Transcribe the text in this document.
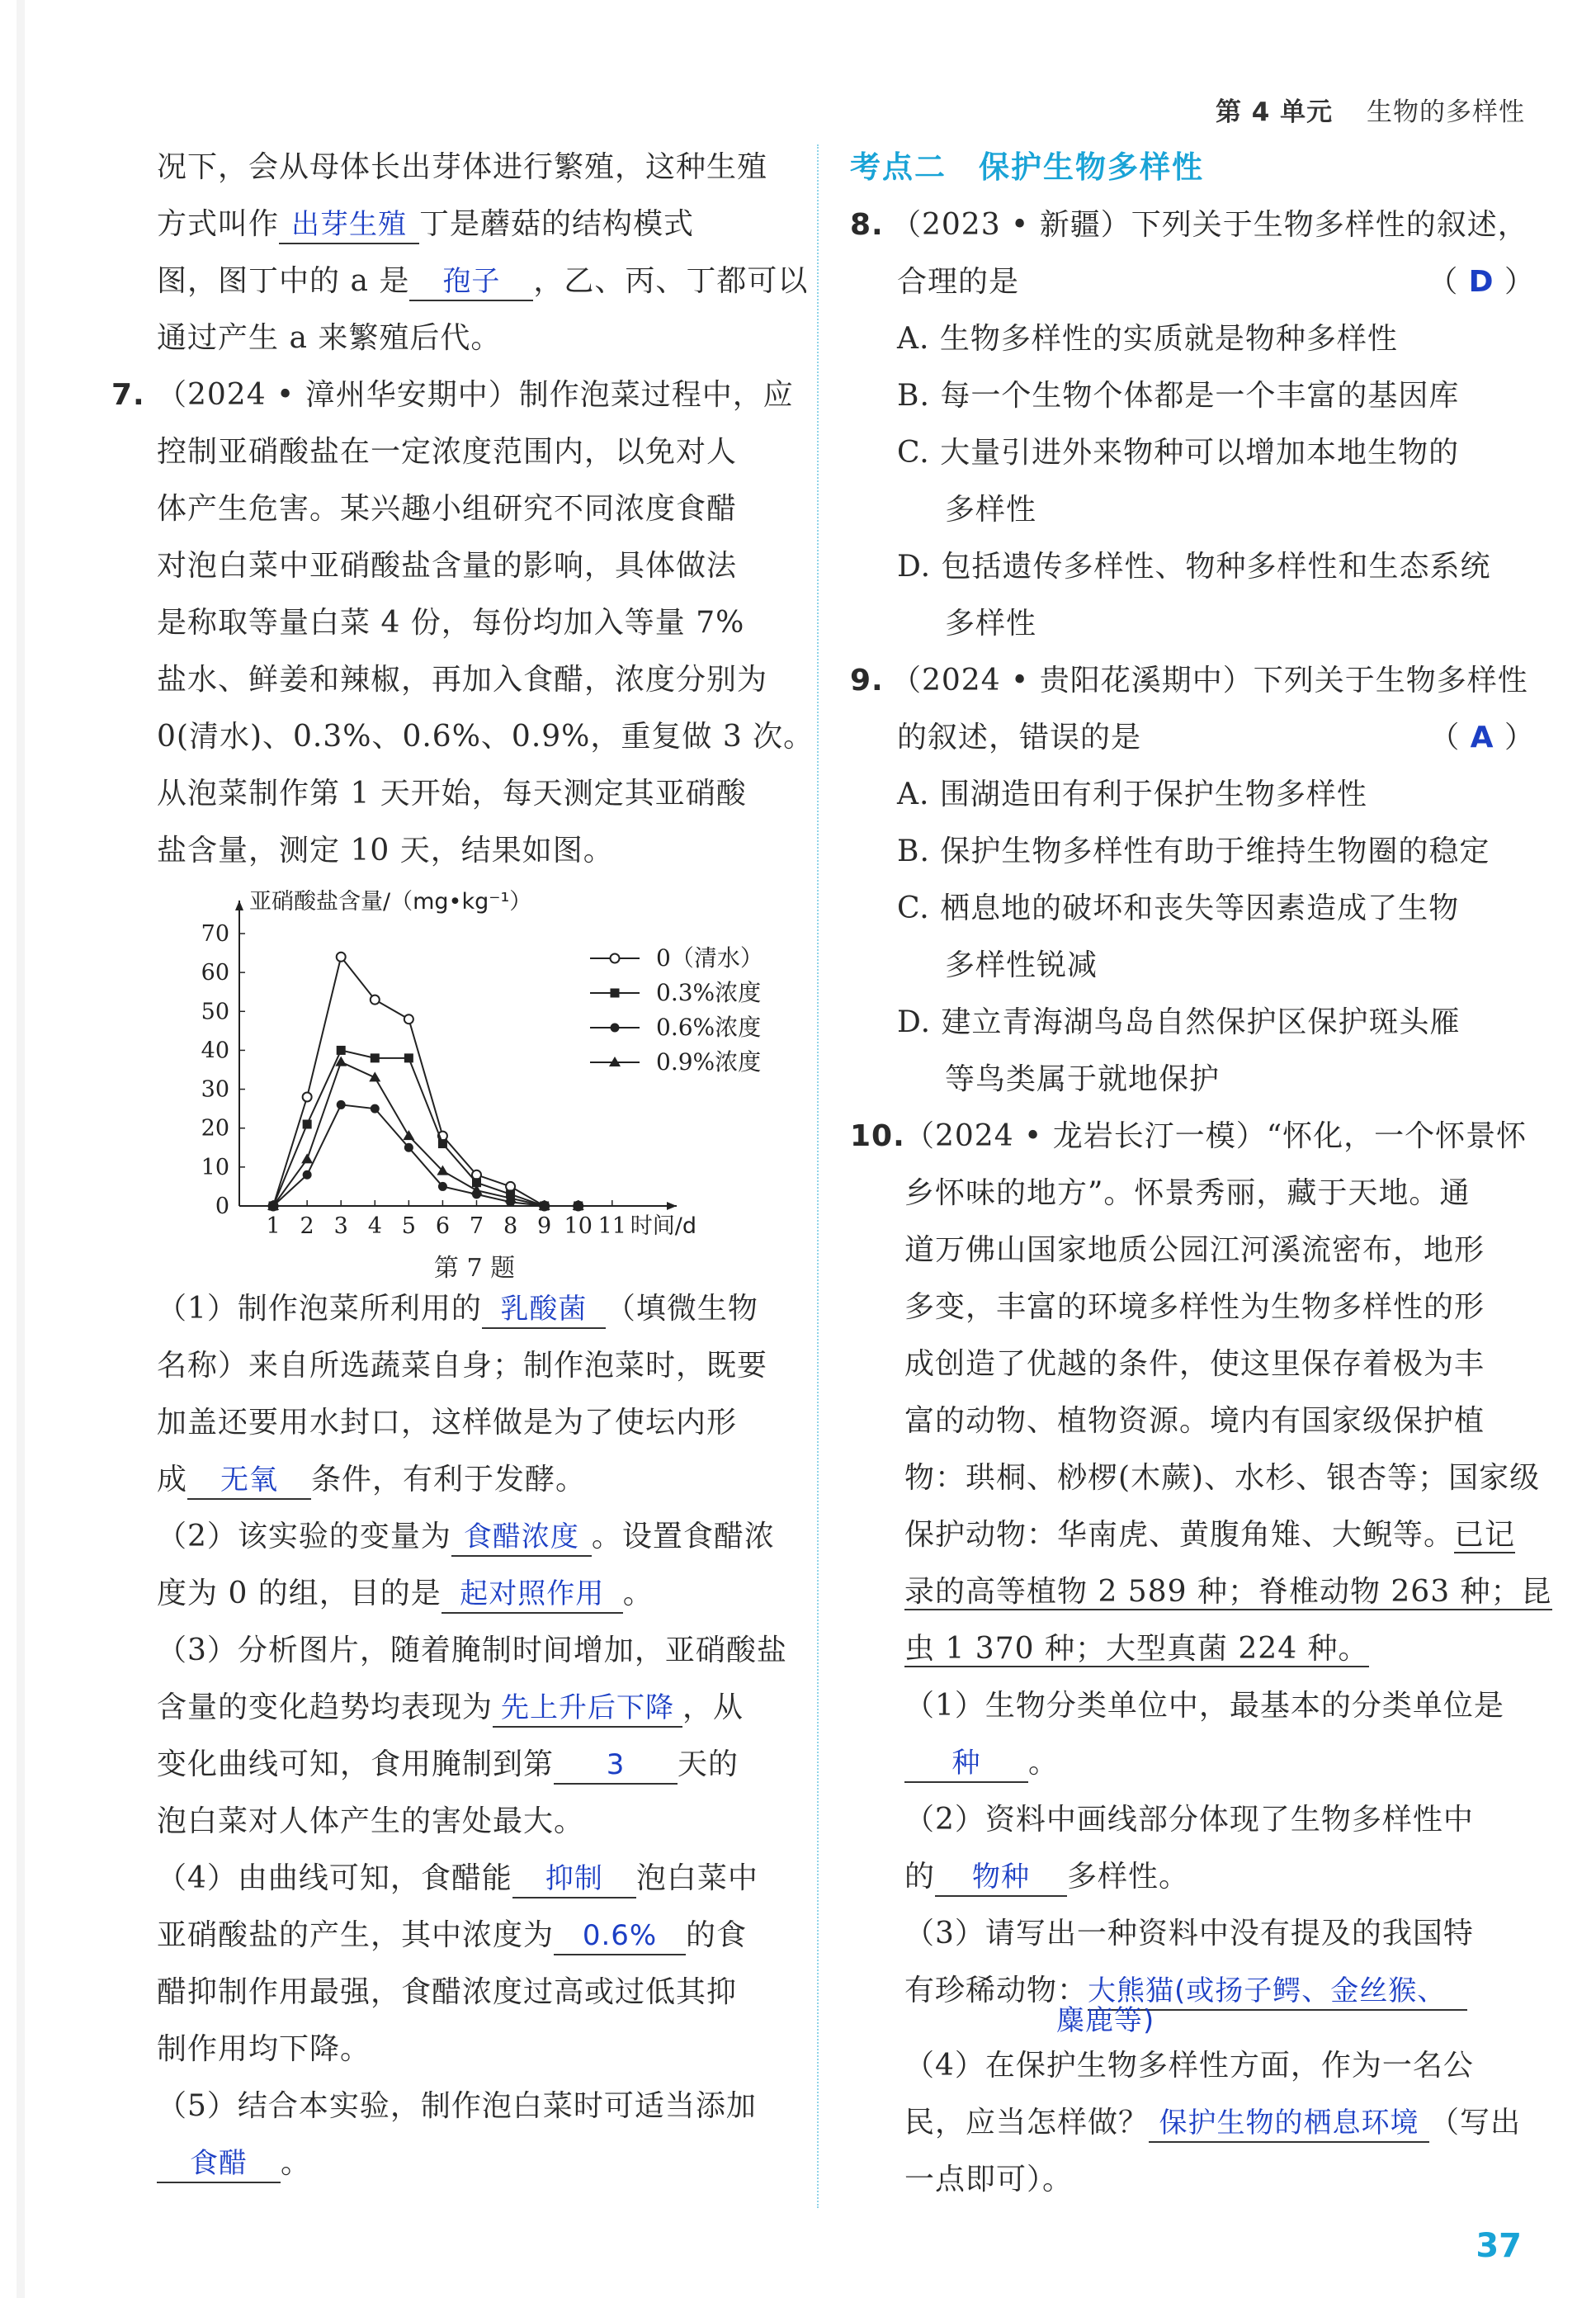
第 4 单元 生物的多样性
况下，会从母体长出芽体进行繁殖，这种生殖
方式叫作 出芽生殖 丁是蘑菇的结构模式
图，图丁中的 a 是 孢子 ，乙、丙、丁都可以
通过产生 a 来繁殖后代。
7. （2024 • 漳州华安期中）制作泡菜过程中，应
控制亚硝酸盐在一定浓度范围内，以免对人
体产生危害。某兴趣小组研究不同浓度食醋
对泡白菜中亚硝酸盐含量的影响，具体做法
是称取等量白菜 4 份，每份均加入等量 7%
盐水、鲜姜和辣椒，再加入食醋，浓度分别为
0(清水)、0.3%、0.6%、0.9%，重复做 3 次。
从泡菜制作第 1 天开始，每天测定其亚硝酸
盐含量，测定 10 天，结果如图。
0
10
20
30
40
50
60
70
1 2 3 4 5 6 7 8 9 10 11
亚硝酸盐含量/（mg•kg⁻¹）
时间/d
0（清水）
0.3%浓度
0.6%浓度
0.9%浓度
第 7 题
（1）制作泡菜所利用的 乳酸菌 （填微生物
名称）来自所选蔬菜自身；制作泡菜时，既要
加盖还要用水封口，这样做是为了使坛内形
成 无氧 条件，有利于发酵。
（2）该实验的变量为 食醋浓度 。设置食醋浓
度为 0 的组，目的是 起对照作用 。
（3）分析图片，随着腌制时间增加，亚硝酸盐
含量的变化趋势均表现为 先上升后下降 ，从
变化曲线可知，食用腌制到第 3 天的
泡白菜对人体产生的害处最大。
（4）由曲线可知，食醋能 抑制 泡白菜中
亚硝酸盐的产生，其中浓度为 0.6% 的食
醋抑制作用最强，食醋浓度过高或过低其抑
制作用均下降。
（5）结合本实验，制作泡白菜时可适当添加
食醋 。
考点二　保护生物多样性
8. （2023 • 新疆）下列关于生物多样性的叙述，
合理的是	（ D ）
A. 生物多样性的实质就是物种多样性
B. 每一个生物个体都是一个丰富的基因库
C. 大量引进外来物种可以增加本地生物的
多样性
D. 包括遗传多样性、物种多样性和生态系统
多样性
9. （2024 • 贵阳花溪期中）下列关于生物多样性
的叙述，错误的是	（ A ）
A. 围湖造田有利于保护生物多样性
B. 保护生物多样性有助于维持生物圈的稳定
C. 栖息地的破坏和丧失等因素造成了生物
多样性锐减
D. 建立青海湖鸟岛自然保护区保护斑头雁
等鸟类属于就地保护
10.（2024 • 龙岩长汀一模）“怀化，一个怀景怀
乡怀味的地方”。怀景秀丽，藏于天地。通
道万佛山国家地质公园江河溪流密布，地形
多变，丰富的环境多样性为生物多样性的形
成创造了优越的条件，使这里保存着极为丰
富的动物、植物资源。境内有国家级保护植
物：珙桐、桫椤(木蕨)、水杉、银杏等；国家级
保护动物：华南虎、黄腹角雉、大鲵等。已记
录的高等植物 2 589 种；脊椎动物 263 种；昆
虫 1 370 种；大型真菌 224 种。
（1）生物分类单位中，最基本的分类单位是
种 。
（2）资料中画线部分体现了生物多样性中
的 物种 多样性。
（3）请写出一种资料中没有提及的我国特
有珍稀动物：大熊猫(或扬子鳄、金丝猴、
麋鹿等)
（4）在保护生物多样性方面，作为一名公
民，应当怎样做？ 保护生物的栖息环境 （写出
一点即可）。
37
